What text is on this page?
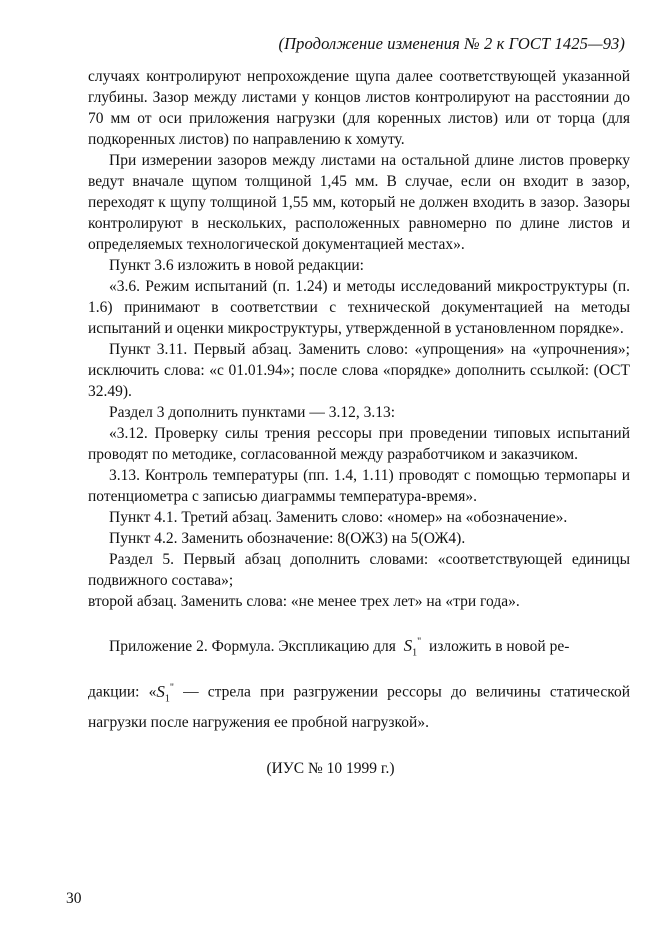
(Продолжение изменения № 2 к ГОСТ 1425—93)

случаях контролируют непрохождение щупа далее соответствующей указанной глубины. Зазор между листами у концов листов контролируют на расстоянии до 70 мм от оси приложения нагрузки (для коренных листов) или от торца (для подкоренных листов) по направлению к хомуту.

При измерении зазоров между листами на остальной длине листов проверку ведут вначале щупом толщиной 1,45 мм. В случае, если он входит в зазор, переходят к щупу толщиной 1,55 мм, который не должен входить в зазор. Зазоры контролируют в нескольких, расположенных равномерно по длине листов и определяемых технологической документацией местах».

Пункт 3.6 изложить в новой редакции:

«3.6. Режим испытаний (п. 1.24) и методы исследований микроструктуры (п. 1.6) принимают в соответствии с технической документацией на методы испытаний и оценки микроструктуры, утвержденной в установленном порядке».

Пункт 3.11. Первый абзац. Заменить слово: «упрощения» на «упрочнения»; исключить слова: «с 01.01.94»; после слова «порядке» дополнить ссылкой: (ОСТ 32.49).

Раздел 3 дополнить пунктами — 3.12, 3.13:

«3.12. Проверку силы трения рессоры при проведении типовых испытаний проводят по методике, согласованной между разработчиком и заказчиком.

3.13. Контроль температуры (пп. 1.4, 1.11) проводят с помощью термопары и потенциометра с записью диаграммы температура-время».

Пункт 4.1. Третий абзац. Заменить слово: «номер» на «обозначение».

Пункт 4.2. Заменить обозначение: 8(ОЖ3) на 5(ОЖ4).

Раздел 5. Первый абзац дополнить словами: «соответствующей единицы подвижного состава»;

второй абзац. Заменить слова: «не менее трех лет» на «три года».

Приложение 2. Формула. Экспликацию для $S_1^"$ изложить в новой ре-
дакции: «$S_1^"$ — стрела при разгружении рессоры до величины статической нагрузки после нагружения ее пробной нагрузкой».
(ИУС № 10 1999 г.)
30
